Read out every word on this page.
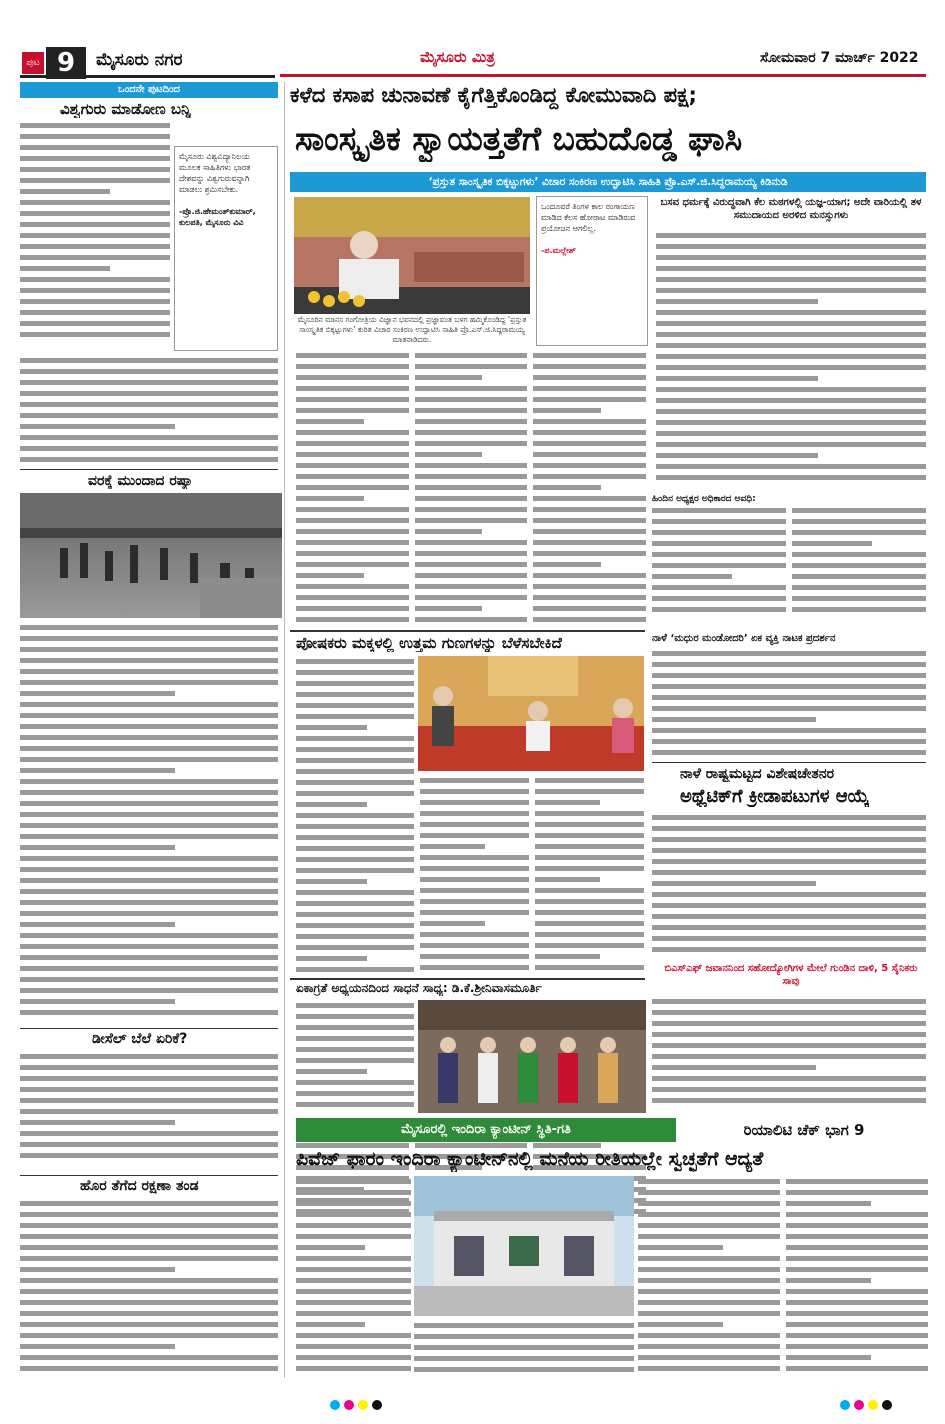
ಪುಟ 9	ಮೈಸೂರು ನಗರ	ಮೈಸೂರು ಮಿತ್ರ	ಸೋಮವಾರ 7 ಮಾರ್ಚ್ 2022
ಒಂದನೇ ಪುಟದಿಂದ
ವಿಶ್ವಗುರು ಮಾಡೋಣ ಬನ್ನಿ
ಮೈಸೂರು ವಿಶ್ವವಿದ್ಯಾನಿಲಯ ಮೂಲಕ ಸಾಹಿತಿಗಳು ಭಾರತ ದೇಶವನ್ನು ವಿಶ್ವಗುರುವನ್ನಾಗಿ ಮಾಡಲು ಶ್ರಮಿಸಬೇಕು.

-ಪ್ರೊ.ಜಿ.ಹೇಮಂತ್‌ಕುಮಾರ್, ಕುಲಪತಿ, ಮೈಸೂರು ವಿವಿ
ವರಕ್ಕೆ ಮುಂದಾದ ರಷ್ಯಾ
ಡೀಸೆಲ್ ಬೆಲೆ ಏರಿಕೆ?
ಹೊರ ತೆಗೆದ ರಕ್ಷಣಾ ತಂಡ
ಕಳೆದ ಕಸಾಪ ಚುನಾವಣೆ ಕೈಗೆತ್ತಿಕೊಂಡಿದ್ದ ಕೋಮುವಾದಿ ಪಕ್ಷ;
ಸಾಂಸ್ಕೃತಿಕ ಸ್ವಾಯತ್ತತೆಗೆ ಬಹುದೊಡ್ಡ ಘಾಸಿ
‘ಪ್ರಸ್ತುತ ಸಾಂಸ್ಕೃತಿಕ ಬಿಕ್ಕಟ್ಟುಗಳು’ ವಿಚಾರ ಸಂಕಿರಣ ಉದ್ಘಾಟಿಸಿ ಸಾಹಿತಿ ಪ್ರೊ.ಎಸ್.ಜಿ.ಸಿದ್ದರಾಮಯ್ಯ ಕಿಡಿನುಡಿ
ಮೈಸೂರಿನ ಮಾನಸ ಗಂಗೋತ್ರಿಯ ವಿಜ್ಞಾನ ಭವನದಲ್ಲಿ ಪ್ರಜ್ಞಾವಂತ ಬಳಗ ಹಮ್ಮಿಕೊಂಡಿದ್ದ ‘ಪ್ರಸ್ತುತ ಸಾಂಸ್ಕೃತಿಕ ಬಿಕ್ಕಟ್ಟುಗಳು’ ಕುರಿತ ವಿಚಾರ ಸಂಕಿರಣ ಉದ್ಘಾಟಿಸಿ ಸಾಹಿತಿ ಪ್ರೊ.ಎಸ್.ಜಿ.ಸಿದ್ದರಾಮಯ್ಯ ಮಾತನಾಡಿದರು.
ಒಂದೂವರೆ ತಿಂಗಳ ಕಾಲ ರಂಗಾಯಣ ಮಾಡಿದ ಕೆಲಸ ಹೋರಾಟ ಮಾಡಿರುವ ಪ್ರಯೋಜನ ಆಗಲಿಲ್ಲ.

-ಪ.ಮಲ್ಲೇಶ್
ಬಸವ ಧರ್ಮಕ್ಕೆ ವಿರುದ್ಧವಾಗಿ ಕೆಲ ಮಠಗಳಲ್ಲಿ ಯಜ್ಞ-ಯಾಗ; ಅದೇ ವಾರಿಯಲ್ಲಿ ತಳ ಸಮುದಾಯದ ಅರಳಿದ ಮನಸ್ಸುಗಳು
ಹಿಂದಿನ ಅಧ್ಯಕ್ಷರ ಅಧಿಕಾರದ ಅವಧಿ:
ಪೋಷಕರು ಮಕ್ಕಳಲ್ಲಿ ಉತ್ತಮ ಗುಣಗಳನ್ನು ಬೆಳೆಸಬೇಕಿದೆ	ನಾಳೆ ‘ಮಧುರ ಮಂಡೋದರಿ’ ಏಕ ವ್ಯಕ್ತಿ ನಾಟಕ ಪ್ರದರ್ಶನ
ನಾಳೆ ರಾಷ್ಟ್ರಮಟ್ಟದ ವಿಶೇಷಚೇತನರ
ಅಥ್ಲೆಟಿಕ್‌ಗೆ ಕ್ರೀಡಾಪಟುಗಳ ಆಯ್ಕೆ
ಏಕಾಗ್ರತೆ ಅಧ್ಯಯನದಿಂದ ಸಾಧನೆ ಸಾಧ್ಯ: ಡಿ.ಕೆ.ಶ್ರೀನಿವಾಸಮೂರ್ತಿ
ಬಿಎಸ್‌ಎಫ್ ಜವಾನನಿಂದ ಸಹೋದ್ಯೋಗಿಗಳ ಮೇಲೆ ಗುಂಡಿನ ದಾಳಿ, 5 ಸೈನಿಕರು ಸಾವು
ಮೈಸೂರಲ್ಲಿ ಇಂದಿರಾ ಕ್ಯಾಂಟೀನ್ ಸ್ಥಿತಿ-ಗತಿ	ರಿಯಾಲಿಟಿ ಚೆಕ್ ಭಾಗ 9
ಪಿವೆಜ್ ಫಾರಂ ಇಂದಿರಾ ಕ್ಯಾಂಟೀನ್‌ನಲ್ಲಿ ಮನೆಯ ರೀತಿಯಲ್ಲೇ ಸ್ವಚ್ಛತೆಗೆ ಆದ್ಯತೆ
